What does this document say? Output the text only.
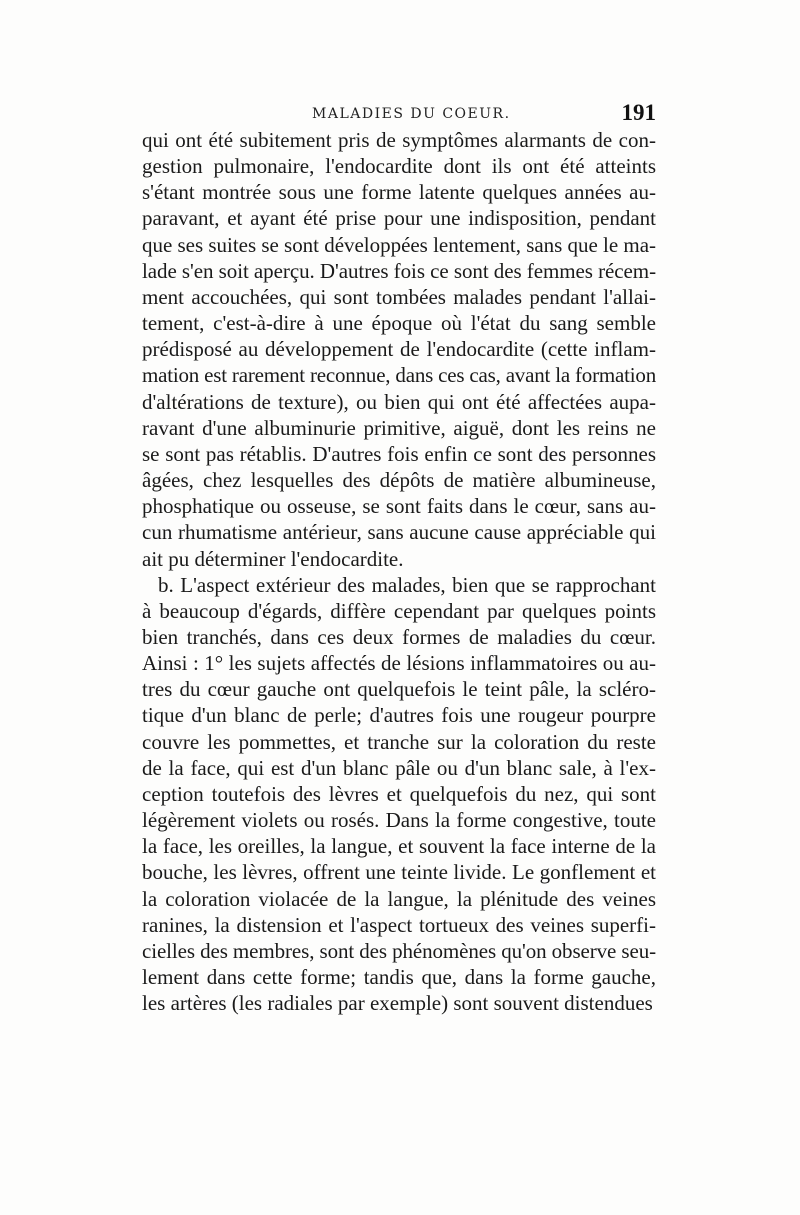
MALADIES DU COEUR.	191
qui ont été subitement pris de symptômes alarmants de con-
gestion pulmonaire, l'endocardite dont ils ont été atteints
s'étant montrée sous une forme latente quelques années au-
paravant, et ayant été prise pour une indisposition, pendant
que ses suites se sont développées lentement, sans que le ma-
lade s'en soit aperçu. D'autres fois ce sont des femmes récem-
ment accouchées, qui sont tombées malades pendant l'allai-
tement, c'est-à-dire à une époque où l'état du sang semble
prédisposé au développement de l'endocardite (cette inflam-
mation est rarement reconnue, dans ces cas, avant la formation
d'altérations de texture), ou bien qui ont été affectées aupa-
ravant d'une albuminurie primitive, aiguë, dont les reins ne
se sont pas rétablis. D'autres fois enfin ce sont des personnes
âgées, chez lesquelles des dépôts de matière albumineuse,
phosphatique ou osseuse, se sont faits dans le cœur, sans au-
cun rhumatisme antérieur, sans aucune cause appréciable qui
ait pu déterminer l'endocardite.
b. L'aspect extérieur des malades, bien que se rapprochant
à beaucoup d'égards, diffère cependant par quelques points
bien tranchés, dans ces deux formes de maladies du cœur.
Ainsi : 1° les sujets affectés de lésions inflammatoires ou au-
tres du cœur gauche ont quelquefois le teint pâle, la scléro-
tique d'un blanc de perle; d'autres fois une rougeur pourpre
couvre les pommettes, et tranche sur la coloration du reste
de la face, qui est d'un blanc pâle ou d'un blanc sale, à l'ex-
ception toutefois des lèvres et quelquefois du nez, qui sont
légèrement violets ou rosés. Dans la forme congestive, toute
la face, les oreilles, la langue, et souvent la face interne de la
bouche, les lèvres, offrent une teinte livide. Le gonflement et
la coloration violacée de la langue, la plénitude des veines
ranines, la distension et l'aspect tortueux des veines superfi-
cielles des membres, sont des phénomènes qu'on observe seu-
lement dans cette forme; tandis que, dans la forme gauche,
les artères (les radiales par exemple) sont souvent distendues
